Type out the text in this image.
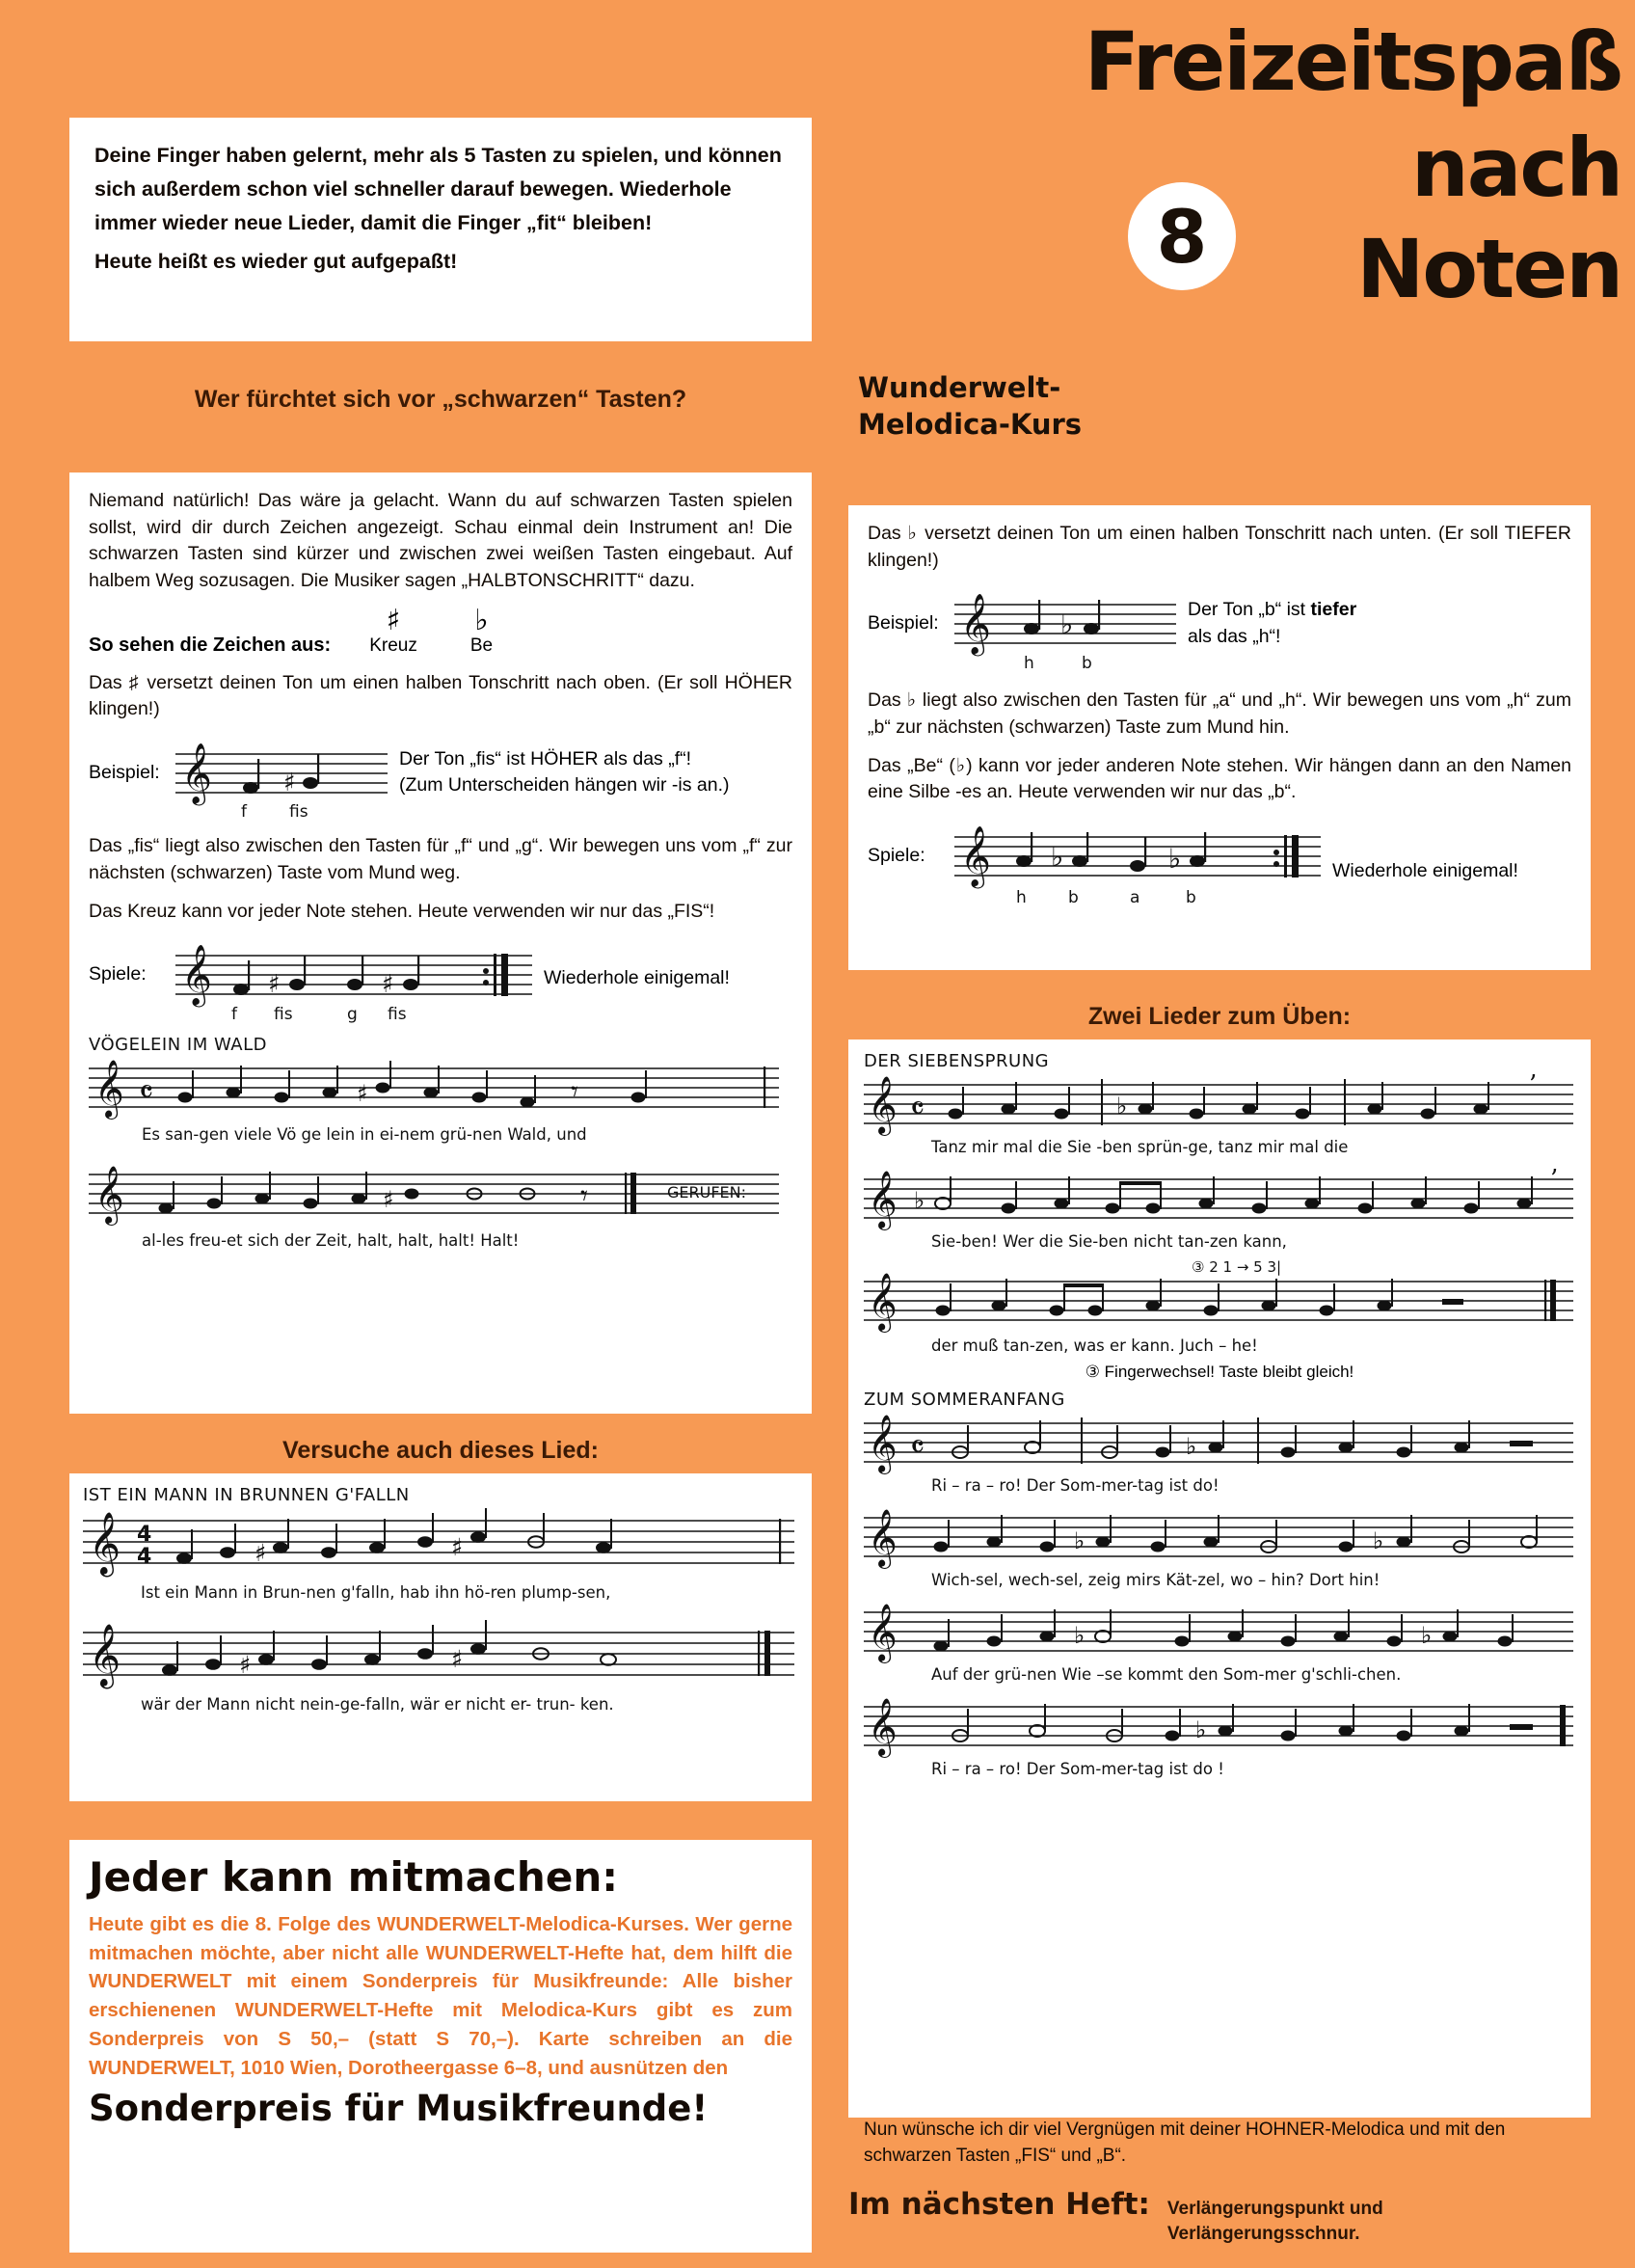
Freizeitspaß
nach
Noten
8
Wunderwelt-
Melodica-Kurs

Deine Finger haben gelernt, mehr als 5 Tasten zu spielen, und können sich außerdem schon viel schneller darauf bewegen. Wiederhole immer wieder neue Lieder, damit die Finger „fit“ bleiben!

Heute heißt es wieder gut aufgepaßt!

Wer fürchtet sich vor „schwarzen“ Tasten?

Niemand natürlich! Das wäre ja gelacht. Wann du auf schwarzen Tasten spielen sollst, wird dir durch Zeichen angezeigt. Schau einmal dein Instrument an! Die schwarzen Tasten sind kürzer und zwischen zwei weißen Tasten eingebaut. Auf halbem Weg sozusagen. Die Musiker sagen „HALBTONSCHRITT“ dazu.

So sehen die Zeichen aus:
♯
Kreuz
♭
Be

Das ♯ versetzt deinen Ton um einen halben Tonschritt nach oben. (Er soll HÖHER klingen!)

Beispiel: 𝄞	♯
f	fis
Der Ton „fis“ ist HÖHER als das „f“!
(Zum Unterscheiden hängen wir -is an.)

Das „fis“ liegt also zwischen den Tasten für „f“ und „g“. Wir bewegen uns vom „f“ zur nächsten (schwarzen) Taste vom Mund weg.

Das Kreuz kann vor jeder Note stehen. Heute verwenden wir nur das „FIS“!

Spiele: 𝄞 ♯	♯
f fis	g fis
Wiederhole einigemal!
VÖGELEIN IM WALD
𝄞 𝄴	♯	𝄾
Es san-gen viele Vö ge lein in ei-nem grü-nen Wald, und
𝄞	♯	𝄾	GERUFEN:
al-les freu-et sich der Zeit, halt, halt, halt! Halt!
Versuche auch dieses Lied:
IST EIN MANN IN BRUNNEN G'FALLN
𝄞 4
4	♯	♯
Ist ein Mann in Brun-nen g'falln, hab ihn hö-ren plump-sen,
𝄞	♯	♯
wär der Mann nicht nein-ge-falln, wär er nicht er- trun- ken.

Das ♭ versetzt deinen Ton um einen halben Tonschritt nach unten. (Er soll TIEFER klingen!)

Beispiel: 𝄞	♭
h	b
Der Ton „b“ ist tiefer
als das „h“!

Das ♭ liegt also zwischen den Tasten für „a“ und „h“. Wir bewegen uns vom „h“ zum „b“ zur nächsten (schwarzen) Taste zum Mund hin.

Das „Be“ (♭) kann vor jeder anderen Note stehen. Wir hängen dann an den Namen eine Silbe -es an. Heute verwenden wir nur das „b“.

Spiele: 𝄞 ♭	♭
h	b	a	b
Wiederhole einigemal!
Zwei Lieder zum Üben:
DER SIEBENSPRUNG
𝄞 𝄴	♭
’
Tanz mir mal die Sie -ben sprün-ge, tanz mir mal die
𝄞 ♭
’
Sie-ben! Wer die Sie-ben nicht tan-zen kann,
③ 2 1 → 5 3|
𝄞
der muß tan-zen, was er kann. Juch – he!
③ Fingerwechsel! Taste bleibt gleich!
ZUM SOMMERANFANG
𝄞 𝄴	♭
Ri – ra – ro! Der Som-mer-tag ist do!
𝄞	♭	♭
Wich-sel, wech-sel, zeig mirs Kät-zel, wo – hin? Dort hin!
𝄞	♭	♭
Auf der grü-nen Wie –se kommt den Som-mer g'schli-chen.
𝄞	♭
Ri – ra – ro! Der Som-mer-tag ist do !
Nun wünsche ich dir viel Vergnügen mit deiner HOHNER-Melodica und mit den schwarzen Tasten „FIS“ und „B“.
Jeder kann mitmachen:

Heute gibt es die 8. Folge des WUNDERWELT-Melodica-Kurses. Wer gerne mitmachen möchte, aber nicht alle WUNDERWELT-Hefte hat, dem hilft die WUNDERWELT mit einem Sonderpreis für Musikfreunde: Alle bisher erschienenen WUNDERWELT-Hefte mit Melodica-Kurs gibt es zum Sonderpreis von S 50,– (statt S 70,–). Karte schreiben an die WUNDERWELT, 1010 Wien, Dorotheergasse 6–8, und ausnützen den

Sonderpreis für Musikfreunde!
Im nächsten Heft: Verlängerungspunkt und
Verlängerungsschnur.
